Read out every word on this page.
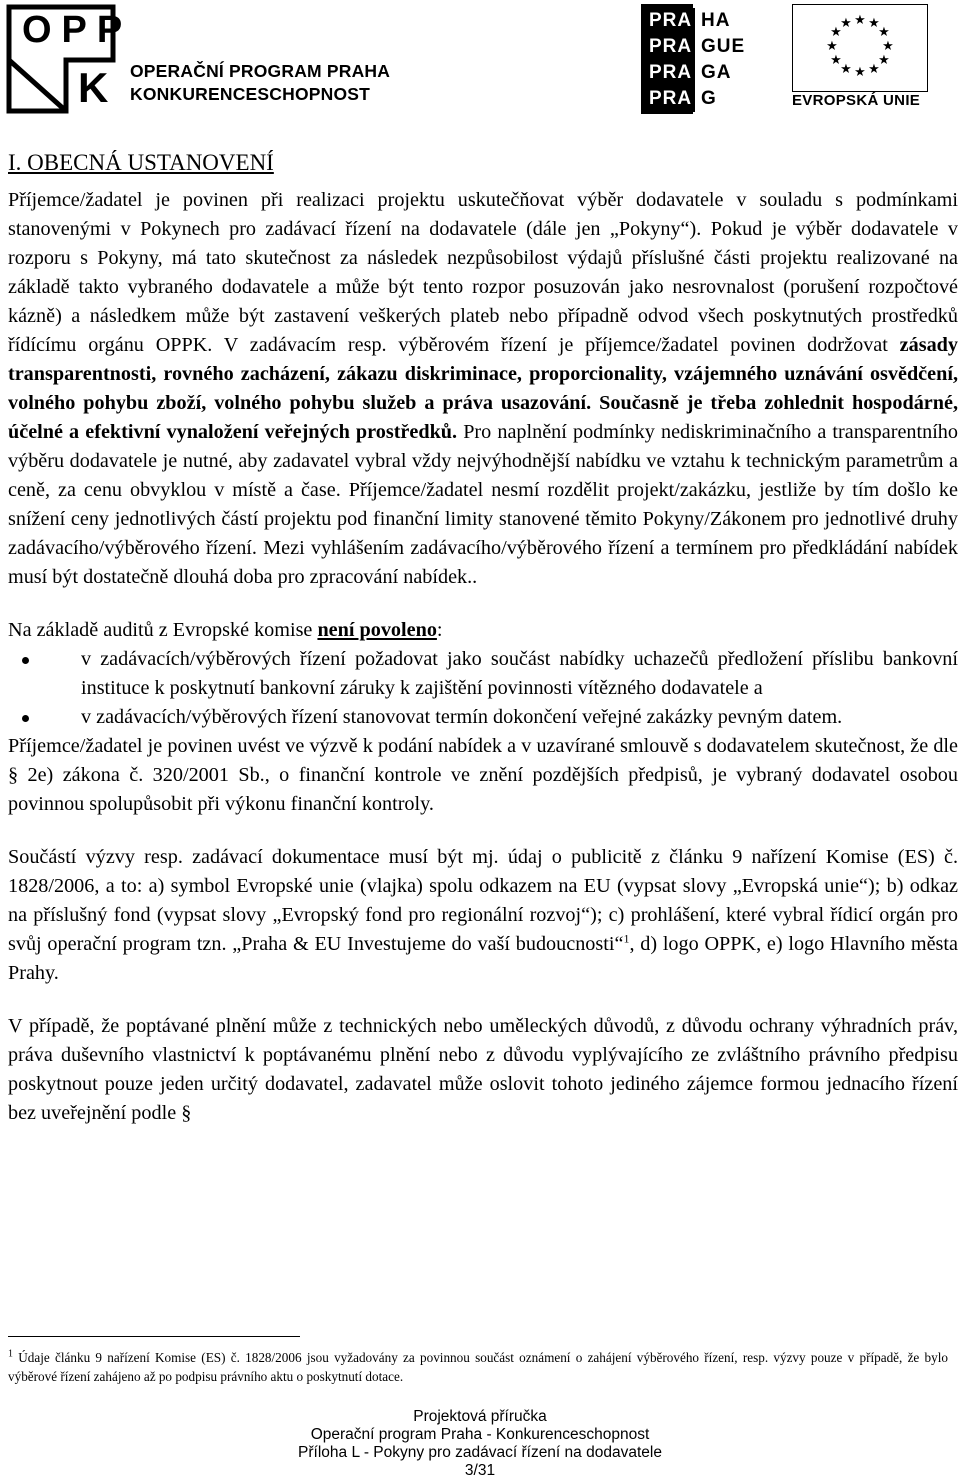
OPP
K OPERAČNÍ PROGRAM PRAHA
KONKURENCESCHOPNOST
PRA
PRA
PRA
PRA
HA
GUE
GA
G
★ ★
★
★
★
★
★
★
★
★
★
★
EVROPSKÁ UNIE
I. OBECNÁ USTANOVENÍ

Příjemce/žadatel je povinen při realizaci projektu uskutečňovat výběr dodavatele v souladu s podmínkami stanovenými v Pokynech pro zadávací řízení na dodavatele (dále jen „Pokyny“). Pokud je výběr dodavatele v rozporu s Pokyny, má tato skutečnost za následek nezpůsobilost výdajů příslušné části projektu realizované na základě takto vybraného dodavatele a může být tento rozpor posuzován jako nesrovnalost (porušení rozpočtové kázně) a následkem může být zastavení veškerých plateb nebo případně odvod všech poskytnutých prostředků řídícímu orgánu OPPK. V zadávacím resp. výběrovém řízení je příjemce/žadatel povinen dodržovat zásady transparentnosti, rovného zacházení, zákazu diskriminace, proporcionality, vzájemného uznávání osvědčení, volného pohybu zboží, volného pohybu služeb a práva usazování. Současně je třeba zohlednit hospodárné, účelné a efektivní vynaložení veřejných prostředků. Pro naplnění podmínky nediskriminačního a transparentního výběru dodavatele je nutné, aby zadavatel vybral vždy nejvýhodnější nabídku ve vztahu k technickým parametrům a ceně, za cenu obvyklou v místě a čase. Příjemce/žadatel nesmí rozdělit projekt/zakázku, jestliže by tím došlo ke snížení ceny jednotlivých částí projektu pod finanční limity stanovené těmito Pokyny/Zákonem pro jednotlivé druhy zadávacího/výběrového řízení. Mezi vyhlášením zadávacího/výběrového řízení a termínem pro předkládání nabídek musí být dostatečně dlouhá doba pro zpracování nabídek..

Na základě auditů z Evropské komise není povoleno:

v zadávacích/výběrových řízení požadovat jako součást nabídky uchazečů předložení příslibu bankovní instituce k poskytnutí bankovní záruky k zajištění povinnosti vítězného dodavatele a
v zadávacích/výběrových řízení stanovovat termín dokončení veřejné zakázky pevným datem.

Příjemce/žadatel je povinen uvést ve výzvě k podání nabídek a v uzavírané smlouvě s dodavatelem skutečnost, že dle § 2e) zákona č. 320/2001 Sb., o finanční kontrole ve znění pozdějších předpisů, je vybraný dodavatel osobou povinnou spolupůsobit při výkonu finanční kontroly.

Součástí výzvy resp. zadávací dokumentace musí být mj. údaj o publicitě z článku 9 nařízení Komise (ES) č. 1828/2006, a to: a) symbol Evropské unie (vlajka) spolu odkazem na EU (vypsat slovy „Evropská unie“); b) odkaz na příslušný fond (vypsat slovy „Evropský fond pro regionální rozvoj“); c) prohlášení, které vybral řídicí orgán pro svůj operační program tzn. „Praha & EU Investujeme do vaší budoucnosti“$^1$, d) logo OPPK, e) logo Hlavního města Prahy.

V případě, že poptávané plnění může z technických nebo uměleckých důvodů, z důvodu ochrany výhradních práv, práva duševního vlastnictví k poptávanému plnění nebo z důvodu vyplývajícího ze zvláštního právního předpisu poskytnout pouze jeden určitý dodavatel, zadavatel může oslovit tohoto jediného zájemce formou jednacího řízení bez uveřejnění podle §

$^1$ Údaje článku 9 nařízení Komise (ES) č. 1828/2006 jsou vyžadovány za povinnou součást oznámení o zahájení výběrového řízení, resp. výzvy pouze v případě, že bylo výběrové řízení zahájeno až po podpisu právního aktu o poskytnutí dotace.
Projektová příručka
Operační program Praha - Konkurenceschopnost
Příloha L - Pokyny pro zadávací řízení na dodavatele
3/31
